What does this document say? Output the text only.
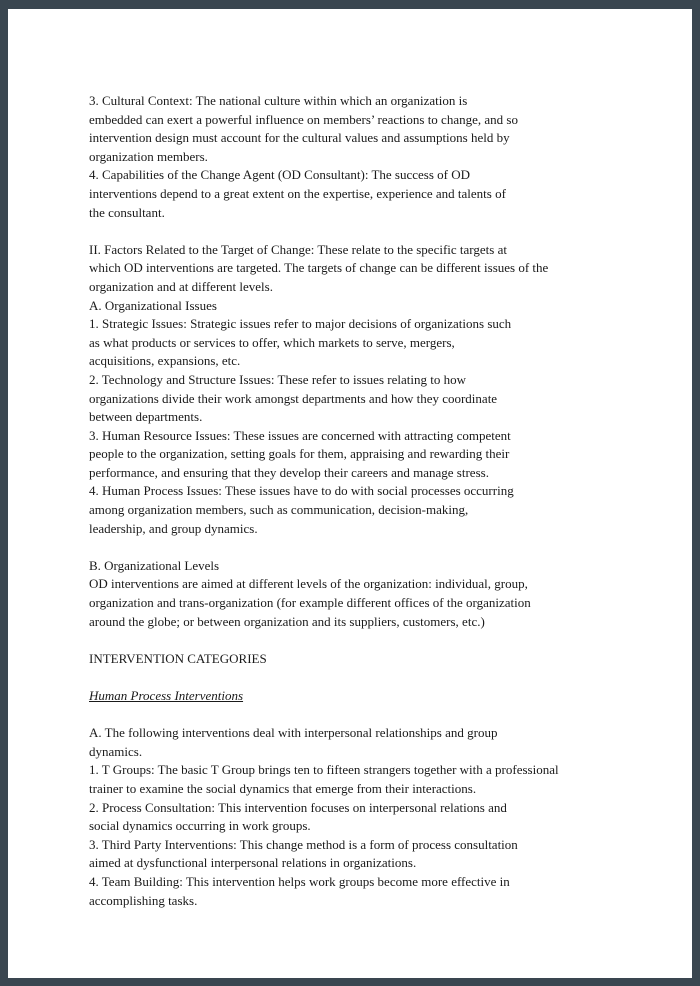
3. Cultural Context: The national culture within which an organization is
embedded can exert a powerful influence on members’ reactions to change, and so
intervention design must account for the cultural values and assumptions held by
organization members.
4. Capabilities of the Change Agent (OD Consultant): The success of OD
interventions depend to a great extent on the expertise, experience and talents of
the consultant.
II. Factors Related to the Target of Change: These relate to the specific targets at
which OD interventions are targeted. The targets of change can be different issues of the
organization and at different levels.
A. Organizational Issues
1. Strategic Issues: Strategic issues refer to major decisions of organizations such
as what products or services to offer, which markets to serve, mergers,
acquisitions, expansions, etc.
2. Technology and Structure Issues: These refer to issues relating to how
organizations divide their work amongst departments and how they coordinate
between departments.
3. Human Resource Issues: These issues are concerned with attracting competent
people to the organization, setting goals for them, appraising and rewarding their
performance, and ensuring that they develop their careers and manage stress.
4. Human Process Issues: These issues have to do with social processes occurring
among organization members, such as communication, decision-making,
leadership, and group dynamics.
B. Organizational Levels
OD interventions are aimed at different levels of the organization: individual, group,
organization and trans-organization (for example different offices of the organization
around the globe; or between organization and its suppliers, customers, etc.)
INTERVENTION CATEGORIES
Human Process Interventions
A. The following interventions deal with interpersonal relationships and group
dynamics.
1. T Groups: The basic T Group brings ten to fifteen strangers together with a professional
trainer to examine the social dynamics that emerge from their interactions.
2. Process Consultation: This intervention focuses on interpersonal relations and
social dynamics occurring in work groups.
3. Third Party Interventions: This change method is a form of process consultation
aimed at dysfunctional interpersonal relations in organizations.
4. Team Building: This intervention helps work groups become more effective in
accomplishing tasks.
